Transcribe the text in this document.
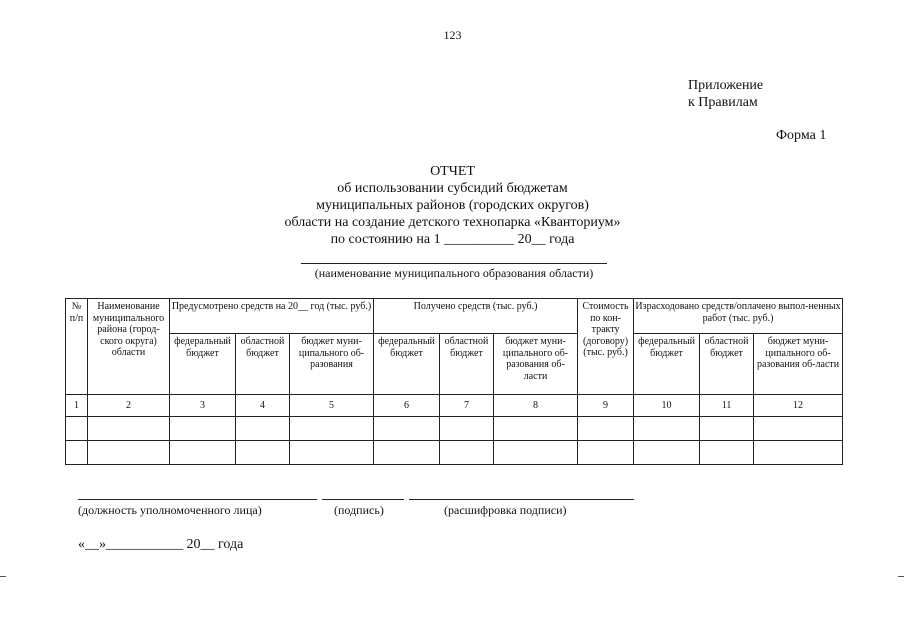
123
Приложение
к Правилам
Форма 1
ОТЧЕТ
об использовании субсидий бюджетам
муниципальных районов (городских округов)
области на создание детского технопарка «Кванториум»
по состоянию на 1 __________ 20__ года
(наименование муниципального образования области)
№ п/п	Наименование муниципального района (город-ского округа) области	Предусмотрено средств на 20__ год (тыс. руб.)			Получено средств (тыс. руб.)			Стоимость по кон-тракту (договору) (тыс. руб.)	Израсходовано средств/оплачено выпол-ненных работ (тыс. руб.)		
		федеральный бюджет	областной бюджет	бюджет муни-ципального об-разования	федеральный бюджет	областной бюджет	бюджет муни-ципального об-разования об-ласти		федеральный бюджет	областной бюджет	бюджет муни-ципального об-разования об-ласти
1	2	3	4	5	6	7	8	9	10	11	12

(должность уполномоченного лица)	(подпись)	(расшифровка подписи)
«__»___________ 20__ года
